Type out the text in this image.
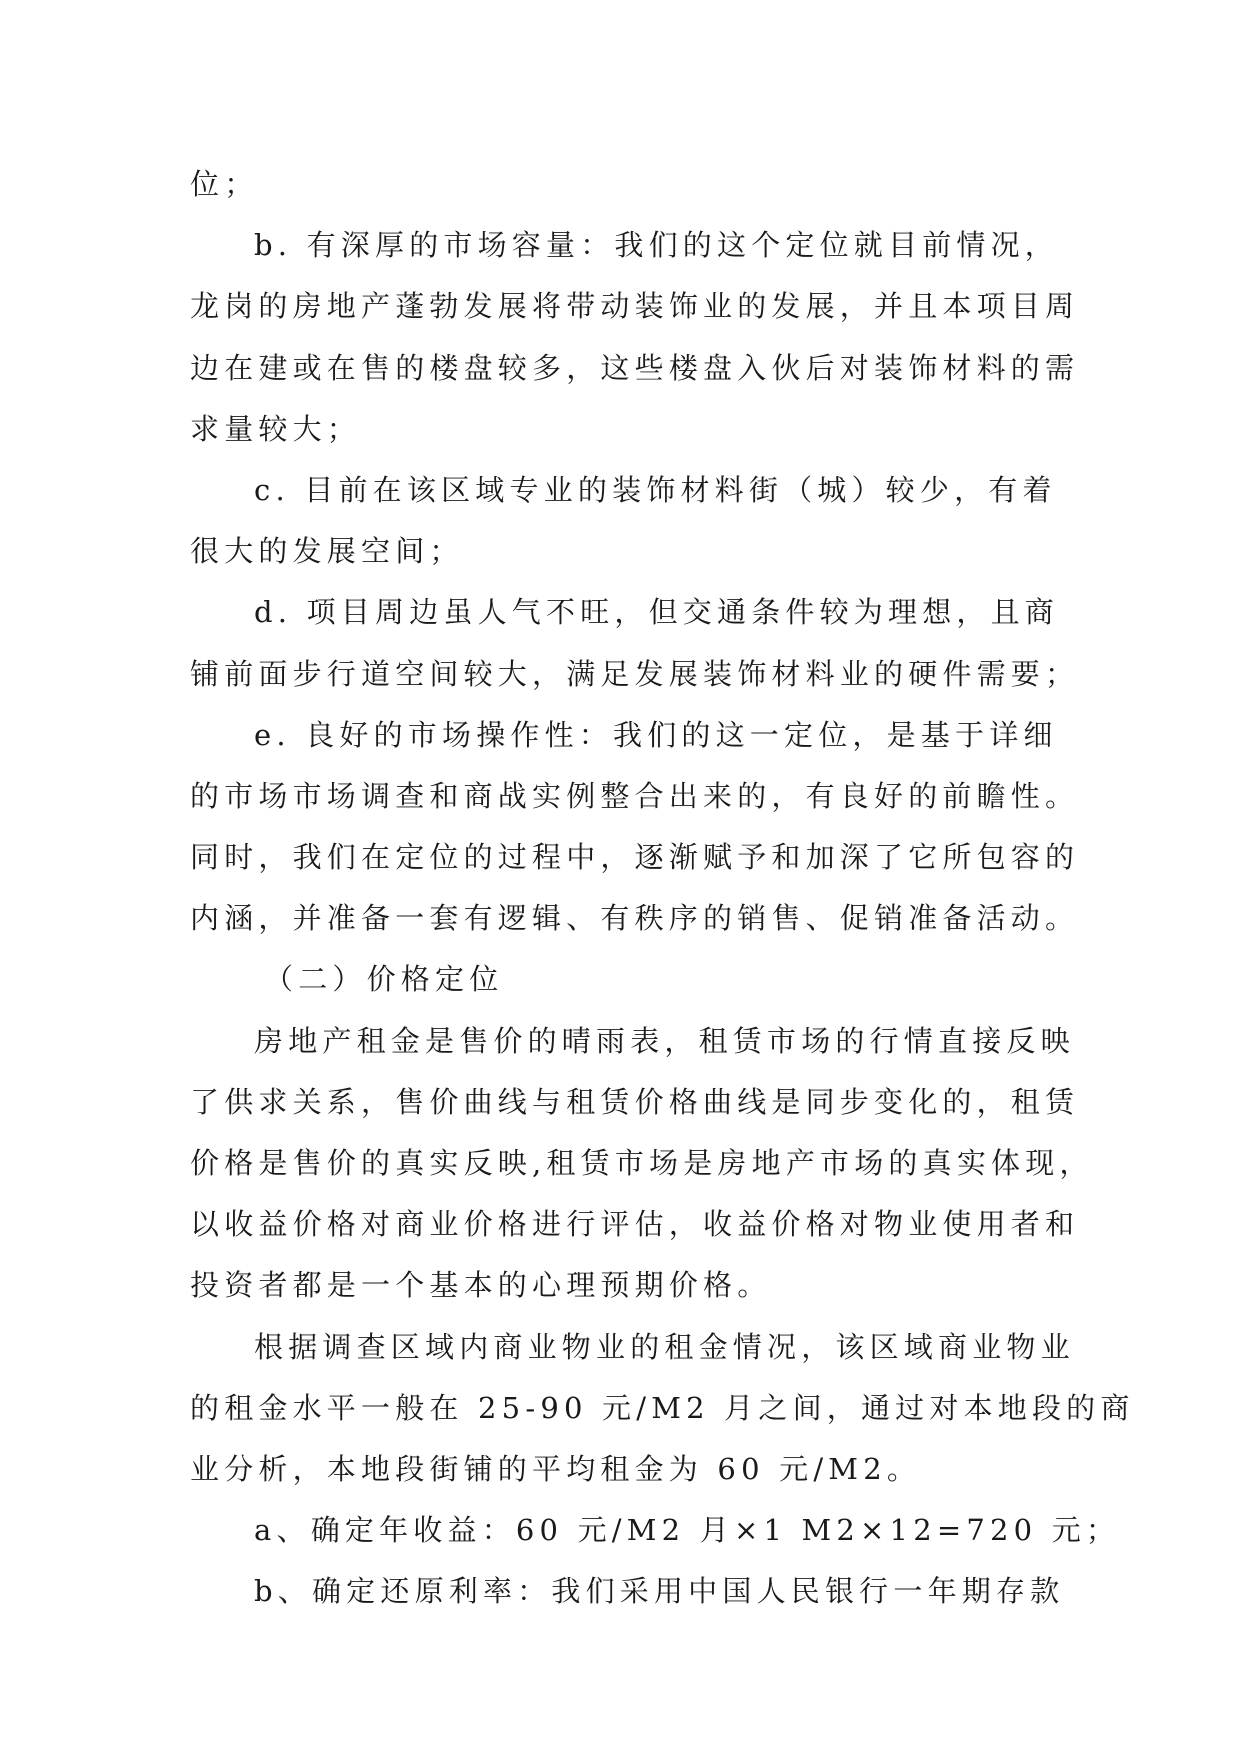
位；
b. 有深厚的市场容量：我们的这个定位就目前情况，
龙岗的房地产蓬勃发展将带动装饰业的发展，并且本项目周
边在建或在售的楼盘较多，这些楼盘入伙后对装饰材料的需
求量较大；
c. 目前在该区域专业的装饰材料街（城）较少，有着
很大的发展空间；
d. 项目周边虽人气不旺，但交通条件较为理想，且商
铺前面步行道空间较大，满足发展装饰材料业的硬件需要；
e. 良好的市场操作性：我们的这一定位，是基于详细
的市场市场调查和商战实例整合出来的，有良好的前瞻性。
同时，我们在定位的过程中，逐渐赋予和加深了它所包容的
内涵，并准备一套有逻辑、有秩序的销售、促销准备活动。
（二）价格定位
房地产租金是售价的晴雨表，租赁市场的行情直接反映
了供求关系，售价曲线与租赁价格曲线是同步变化的，租赁
价格是售价的真实反映,租赁市场是房地产市场的真实体现，
以收益价格对商业价格进行评估，收益价格对物业使用者和
投资者都是一个基本的心理预期价格。
根据调查区域内商业物业的租金情况，该区域商业物业
的租金水平一般在 25-90 元/M2 月之间，通过对本地段的商
业分析，本地段街铺的平均租金为 60 元/M2。
a、确定年收益：60 元/M2 月×1 M2×12=720 元；
b、确定还原利率：我们采用中国人民银行一年期存款
